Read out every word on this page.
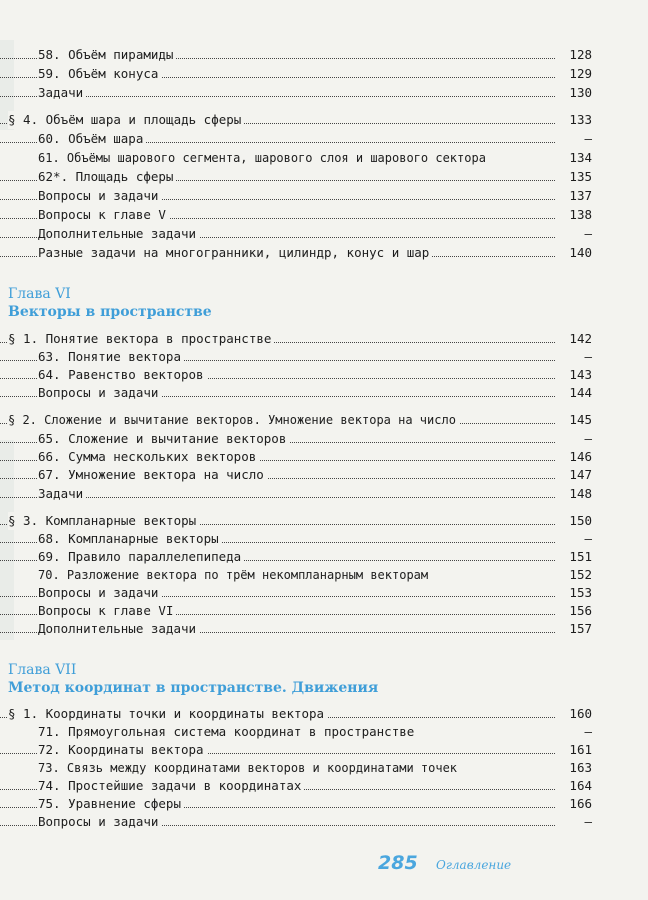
58. Объём пирамиды	128
59. Объём конуса	129
Задачи	130
§ 4. Объём шара и площадь сферы	133
60. Объём шара	—
61. Объёмы шарового сегмента, шарового слоя и шарового сектора	134
62*. Площадь сферы	135
Вопросы и задачи	137
Вопросы к главе V	138
Дополнительные задачи	—
Разные задачи на многогранники, цилиндр, конус и шар	140
Глава VI
Векторы в пространстве
§ 1. Понятие вектора в пространстве	142
63. Понятие вектора	—
64. Равенство векторов	143
Вопросы и задачи	144
§ 2. Сложение и вычитание векторов. Умножение вектора на число	145
65. Сложение и вычитание векторов	—
66. Сумма нескольких векторов	146
67. Умножение вектора на число	147
Задачи	148
§ 3. Компланарные векторы	150
68. Компланарные векторы	—
69. Правило параллелепипеда	151
70. Разложение вектора по трём некомпланарным векторам	152
Вопросы и задачи	153
Вопросы к главе VI	156
Дополнительные задачи	157
Глава VII
Метод координат в пространстве. Движения
§ 1. Координаты точки и координаты вектора	160
71. Прямоугольная система координат в пространстве	—
72. Координаты вектора	161
73. Связь между координатами векторов и координатами точек	163
74. Простейшие задачи в координатах	164
75. Уравнение сферы	166
Вопросы и задачи	—
285 Оглавление
